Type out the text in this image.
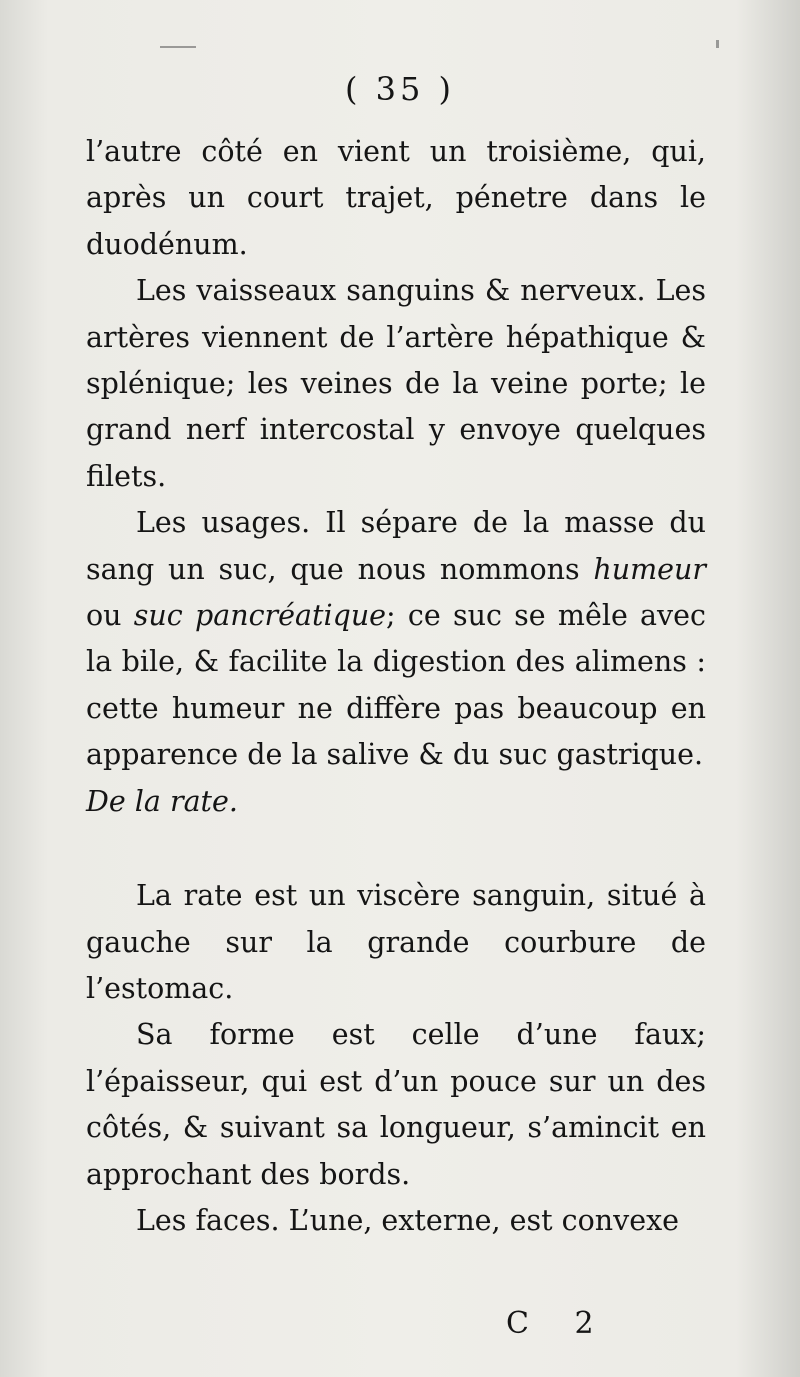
( 35 )

l’autre côté en vient un troisième, qui, après un court trajet, pénetre dans le duodénum.

Les vaisseaux sanguins & nerveux. Les artères viennent de l’artère hépathique & splénique; les veines de la veine porte; le grand nerf intercostal y envoye quelques filets.

Les usages. Il sépare de la masse du sang un suc, que nous nommons humeur ou suc pancréatique; ce suc se mêle avec la bile, & facilite la digestion des alimens : cette humeur ne diffère pas beaucoup en apparence de la salive & du suc gastrique.

De la rate.

La rate est un viscère sanguin, situé à gauche sur la grande courbure de l’estomac.

Sa forme est celle d’une faux; l’épaisseur, qui est d’un pouce sur un des côtés, & suivant sa longueur, s’amincit en approchant des bords.

Les faces. L’une, externe, est convexe

C 2
